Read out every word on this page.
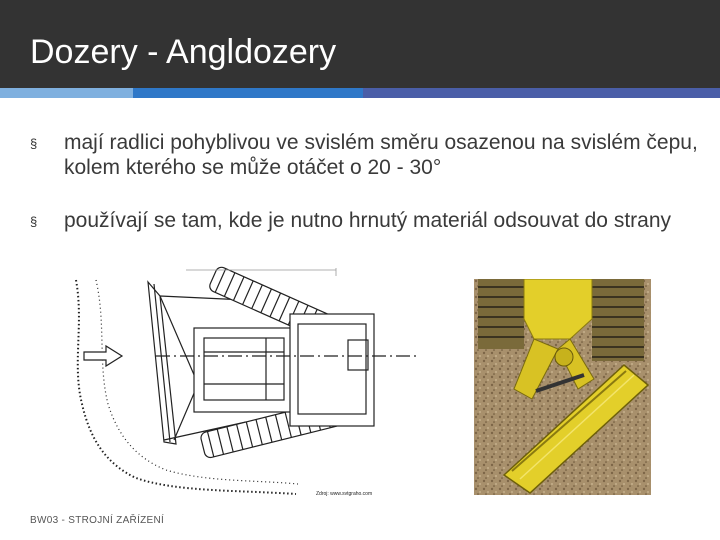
Dozery - Angldozery
§ mají radlici pohyblivou ve svislém směru osazenou na svislém čepu, kolem kterého se může otáčet o 20 - 30°
§ používají se tam, kde je nutno hrnutý materiál odsouvat do strany
Zdroj: www.svtgraho.com
BW03 - STROJNÍ ZAŘÍZENÍ
